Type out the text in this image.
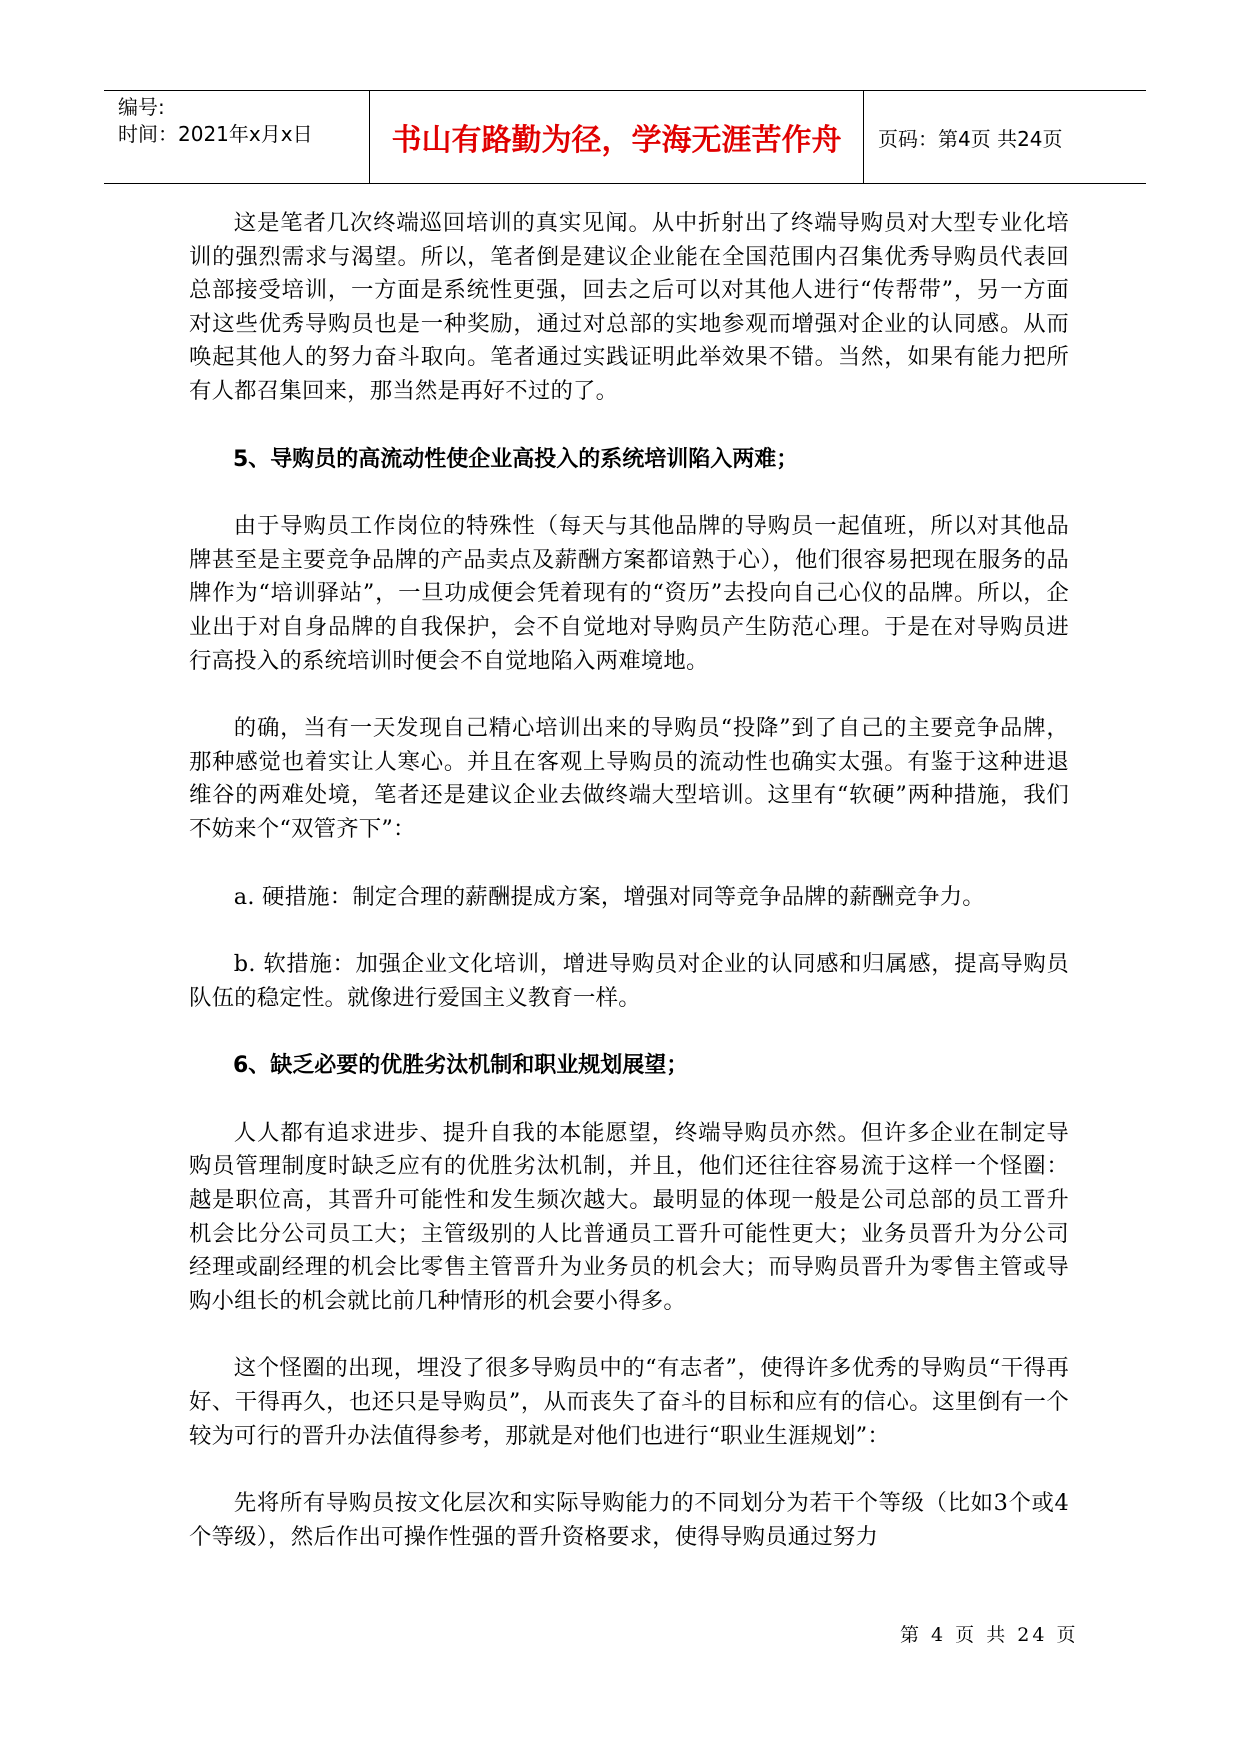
编号:
时间：2021年x月x日	书山有路勤为径，学海无涯苦作舟	页码：第4页 共24页

这是笔者几次终端巡回培训的真实见闻。从中折射出了终端导购员对大型专业化培训的强烈需求与渴望。所以，笔者倒是建议企业能在全国范围内召集优秀导购员代表回总部接受培训，一方面是系统性更强，回去之后可以对其他人进行“传帮带”，另一方面对这些优秀导购员也是一种奖励，通过对总部的实地参观而增强对企业的认同感。从而唤起其他人的努力奋斗取向。笔者通过实践证明此举效果不错。当然，如果有能力把所有人都召集回来，那当然是再好不过的了。

5、导购员的高流动性使企业高投入的系统培训陷入两难；

由于导购员工作岗位的特殊性（每天与其他品牌的导购员一起值班，所以对其他品牌甚至是主要竞争品牌的产品卖点及薪酬方案都谙熟于心），他们很容易把现在服务的品牌作为“培训驿站”，一旦功成便会凭着现有的“资历”去投向自己心仪的品牌。所以，企业出于对自身品牌的自我保护，会不自觉地对导购员产生防范心理。于是在对导购员进行高投入的系统培训时便会不自觉地陷入两难境地。

的确，当有一天发现自己精心培训出来的导购员“投降”到了自己的主要竞争品牌，那种感觉也着实让人寒心。并且在客观上导购员的流动性也确实太强。有鉴于这种进退维谷的两难处境，笔者还是建议企业去做终端大型培训。这里有“软硬”两种措施，我们不妨来个“双管齐下”：

a. 硬措施：制定合理的薪酬提成方案，增强对同等竞争品牌的薪酬竞争力。

b. 软措施：加强企业文化培训，增进导购员对企业的认同感和归属感，提高导购员队伍的稳定性。就像进行爱国主义教育一样。

6、缺乏必要的优胜劣汰机制和职业规划展望；

人人都有追求进步、提升自我的本能愿望，终端导购员亦然。但许多企业在制定导购员管理制度时缺乏应有的优胜劣汰机制，并且，他们还往往容易流于这样一个怪圈：越是职位高，其晋升可能性和发生频次越大。最明显的体现一般是公司总部的员工晋升机会比分公司员工大；主管级别的人比普通员工晋升可能性更大；业务员晋升为分公司经理或副经理的机会比零售主管晋升为业务员的机会大；而导购员晋升为零售主管或导购小组长的机会就比前几种情形的机会要小得多。

这个怪圈的出现，埋没了很多导购员中的“有志者”，使得许多优秀的导购员“干得再好、干得再久，也还只是导购员”，从而丧失了奋斗的目标和应有的信心。这里倒有一个较为可行的晋升办法值得参考，那就是对他们也进行“职业生涯规划”：

先将所有导购员按文化层次和实际导购能力的不同划分为若干个等级（比如3个或4个等级），然后作出可操作性强的晋升资格要求，使得导购员通过努力

第 4 页 共 24 页
